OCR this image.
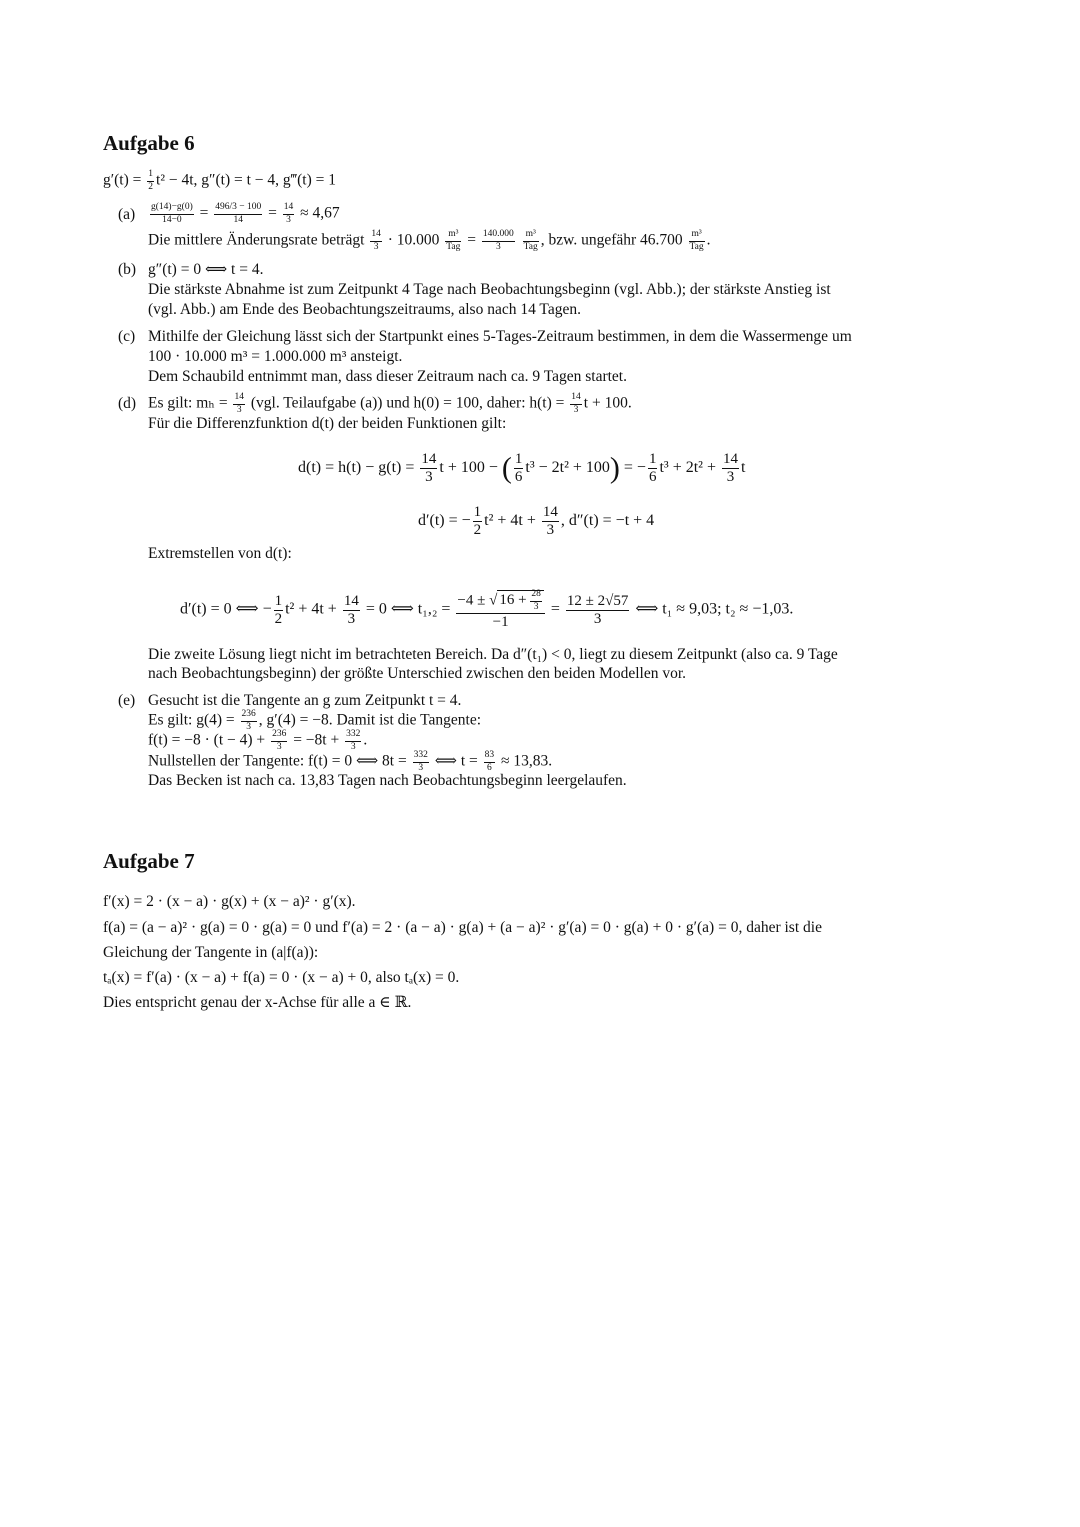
Aufgabe 6
$g'(t) = \frac{1}{2} t^2 - 4t$, g″(t) = t − 4, g‴(t) = 1
$(a) \frac{g(14)-g(0)}{14-0} = \frac{496/3 - 100}{14} = \frac{14}{3} \approx 4,67$
Die mittlere Änderungsrate beträgt $\frac{14}{3} \cdot 10.000$ m³
Tag = $\frac{140.000}{3}$
	m³
Tag , bzw. ungefähr 46.700 m³
Tag .
(b) g″(t) = 0 ⟺ t = 4.
Die stärkste Abnahme ist zum Zeitpunkt 4 Tage nach Beobachtungsbeginn (vgl. Abb.); der stärkste Anstieg ist
(vgl. Abb.) am Ende des Beobachtungszeitraums, also nach 14 Tagen.
(c) Mithilfe der Gleichung lässt sich der Startpunkt eines 5-Tages-Zeitraum bestimmen, in dem die Wassermenge um
100 · 10.000 m³ = 1.000.000 m³ ansteigt.
Dem Schaubild entnimmt man, dass dieser Zeitraum nach ca. 9 Tagen startet.
(d) Es gilt: $m_h = \frac{14}{3} (vgl$. Teilaufgabe (a)) und h(0) = 100, daher: $h(t) = \frac{14}{3}$ t + 100.
Für die Differenzfunktion d(t) der beiden Funktionen gilt:
$d(t) = h(t) - g(t) = \frac{14}{3}$ t + 100 − ( $\frac{1}{6} t^3 - 2t^2 + 100$) = − $\frac{1}{6} t^3 + 2t^2 + \frac{14}{3}$ t
d′(t) = − $\frac{1}{2} t^2 + 4t + \frac{14}{3}$ , d″(t) = −t + 4
Extremstellen von d(t):
d′(t) = 0 ⟺ − $\frac{1}{2} t^2 + 4t + \frac{14}{3} = 0$ ⟺ $t_1,_2 = \frac{-4 \pm √ 16 + \frac{28}{3}}{-1} = \frac{12 \pm 2√57}{3}$ ⟺ t₁ ≈ 9,03; t₂ ≈ −1,03.
Die zweite Lösung liegt nicht im betrachteten Bereich. Da d″(t₁) < 0, liegt zu diesem Zeitpunkt (also ca. 9 Tage
nach Beobachtungsbeginn) der größte Unterschied zwischen den beiden Modellen vor.
(e) Gesucht ist die Tangente an g zum Zeitpunkt t = 4.
Es gilt: $g(4) = \frac{236}{3}$ , g′(4) = −8. Damit ist die Tangente:
$f(t) = -8 \cdot (t - 4) + \frac{236}{3} = -8t + \frac{332}{3}$ .
Nullstellen der Tangente: f(t) = 0 ⟺ $8t = \frac{332}{3}$ ⟺ $t = \frac{83}{6} \approx 13,83$.
Das Becken ist nach ca. 13,83 Tagen nach Beobachtungsbeginn leergelaufen.
Aufgabe 7
f′(x) = 2 · (x − a) · g(x) + (x − a)² · g′(x).
f(a) = (a − a)² · g(a) = 0 · g(a) = 0 und f′(a) = 2 · (a − a) · g(a) + (a − a)² · g′(a) = 0 · g(a) + 0 · g′(a) = 0, daher ist die
Gleichung der Tangente in (a|f(a)):
tₐ(x) = f′(a) · (x − a) + f(a) = 0 · (x − a) + 0, also tₐ(x) = 0.
Dies entspricht genau der x-Achse für alle a ∈ ℝ.
